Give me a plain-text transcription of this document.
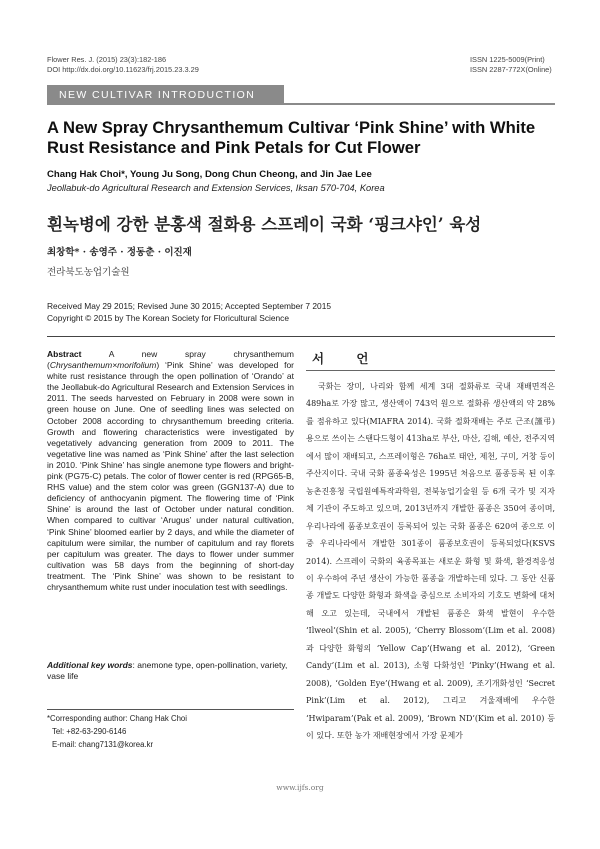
Flower Res. J. (2015) 23(3):182-186
DOI http://dx.doi.org/10.11623/frj.2015.23.3.29
ISSN 1225-5009(Print)
ISSN 2287-772X(Online)
NEW CULTIVAR INTRODUCTION
A New Spray Chrysanthemum Cultivar ‘Pink Shine’ with White Rust Resistance and Pink Petals for Cut Flower
Chang Hak Choi*, Young Ju Song, Dong Chun Cheong, and Jin Jae Lee
Jeollabuk-do Agricultural Research and Extension Services, Iksan 570-704, Korea
흰녹병에 강한 분홍색 절화용 스프레이 국화 ‘핑크샤인’ 육성
최창학* · 송영주 · 정동춘 · 이진재
전라북도농업기술원
Received May 29 2015; Revised June 30 2015; Accepted September 7 2015
Copyright © 2015 by The Korean Society for Floricultural Science
Abstract A new spray chrysanthemum (Chrysanthemum×morifolium) ‘Pink Shine’ was developed for white rust resistance through the open pollination of ‘Orando’ at the Jeollabuk-do Agricultural Research and Extension Services in 2011. The seeds harvested on February in 2008 were sown in green house on June. One of seedling lines was selected on October 2008 according to chrysanthemum breeding criteria. Growth and flowering characteristics were investigated by vegetatively advancing generation from 2009 to 2011. The vegetative line was named as ‘Pink Shine’ after the last selection in 2010. ‘Pink Shine’ has single anemone type flowers and bright-pink (PG75-C) petals. The color of flower center is red (RPG65-B, RHS value) and the stem color was green (GGN137-A) due to deficiency of anthocyanin pigment. The flowering time of ‘Pink Shine’ is around the last of October under natural condition. When compared to cultivar ‘Arugus’ under natural cultivation, ‘Pink Shine’ bloomed earlier by 2 days, and while the diameter of capitulum were similar, the number of capitulum and ray florets per capitulum was greater. The days to flower under summer cultivation was 58 days from the beginning of short-day treatment. The ‘Pink Shine’ was shown to be resistant to chrysanthemum white rust under inoculation test with seedlings.
Additional key words: anemone type, open-pollination, variety, vase life
*Corresponding author: Chang Hak Choi
Tel: +82-63-290-6146
E-mail: chang7131@korea.kr
서 언
국화는 장미, 나리와 함께 세계 3대 절화류로 국내 재배면적은 489ha로 가장 많고, 생산액이 743억 원으로 절화류 생산액의 약 28%를 점유하고 있다(MIAFRA 2014). 국화 절화재배는 주로 근조(謹弔)용으로 쓰이는 스탠다드형이 413ha로 부산, 마산, 김해, 예산, 전주지역에서 많이 재배되고, 스프레이형은 76ha로 태안, 제천, 구미, 거창 등이 주산지이다. 국내 국화 품종육성은 1995년 처음으로 품종등록 된 이후 농촌진흥청 국립원예특작과학원, 전북농업기술원 등 6개 국가 및 지자체 기관이 주도하고 있으며, 2013년까지 개발한 품종은 350여 종이며, 우리나라에 품종보호권이 등록되어 있는 국화 품종은 620여 종으로 이 중 우리나라에서 개발한 301종이 품종보호권이 등록되었다(KSVS 2014). 스프레이 국화의 육종목표는 새로운 화형 및 화색, 환경적응성이 우수하여 주년 생산이 가능한 품종을 개발하는데 있다. 그 동안 신품종 개발도 다양한 화형과 화색을 중심으로 소비자의 기호도 변화에 대처해 오고 있는데, 국내에서 개발된 품종은 화색 발현이 우수한 ‘Ilweol’(Shin et al. 2005), ‘Cherry Blossom’(Lim et al. 2008)과 다양한 화형의 ‘Yellow Cap’(Hwang et al. 2012), ‘Green Candy’(Lim et al. 2013), 소형 다화성인 ‘Pinky’(Hwang et al. 2008), ‘Golden Eye’(Hwang et al. 2009), 조기개화성인 ‘Secret Pink’(Lim et al. 2012), 그리고 겨울재배에 우수한 ‘Hwiparam’(Pak et al. 2009), ‘Brown ND’(Kim et al. 2010) 등이 있다. 또한 농가 재배현장에서 가장 문제가
www.ijfs.org
